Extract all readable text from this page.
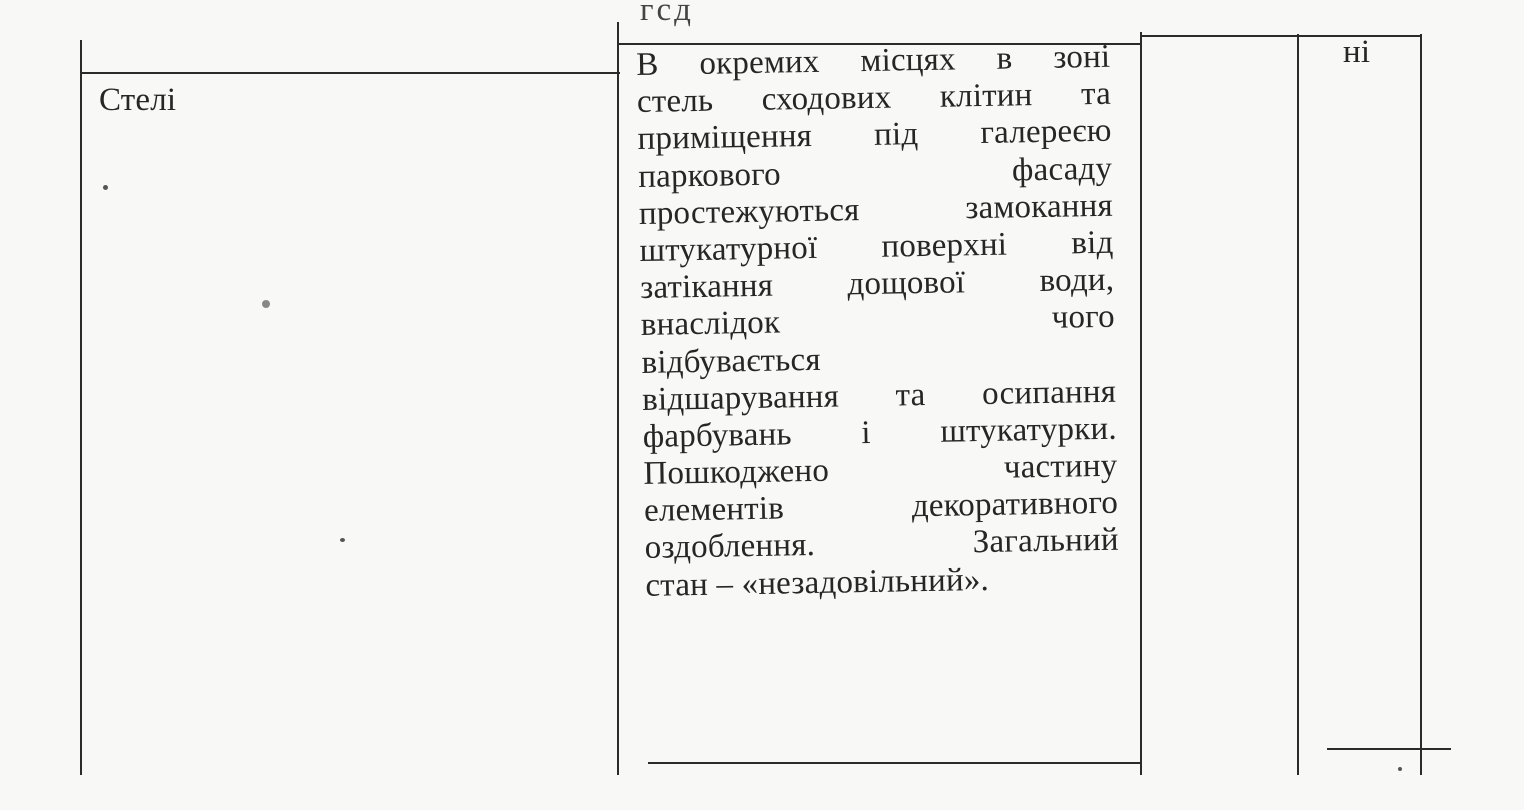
гсд
Стелі
В окремих місцях в зоні
стель сходових клітин та
приміщення під галереєю
паркового фасаду
простежуються замокання
штукатурної поверхні від
затікання дощової води,
внаслідок чого
відбувається
відшарування та осипання
фарбувань і штукатурки.
Пошкоджено частину
елементів декоративного
оздоблення. Загальний
стан – «незадовільний».
ні
